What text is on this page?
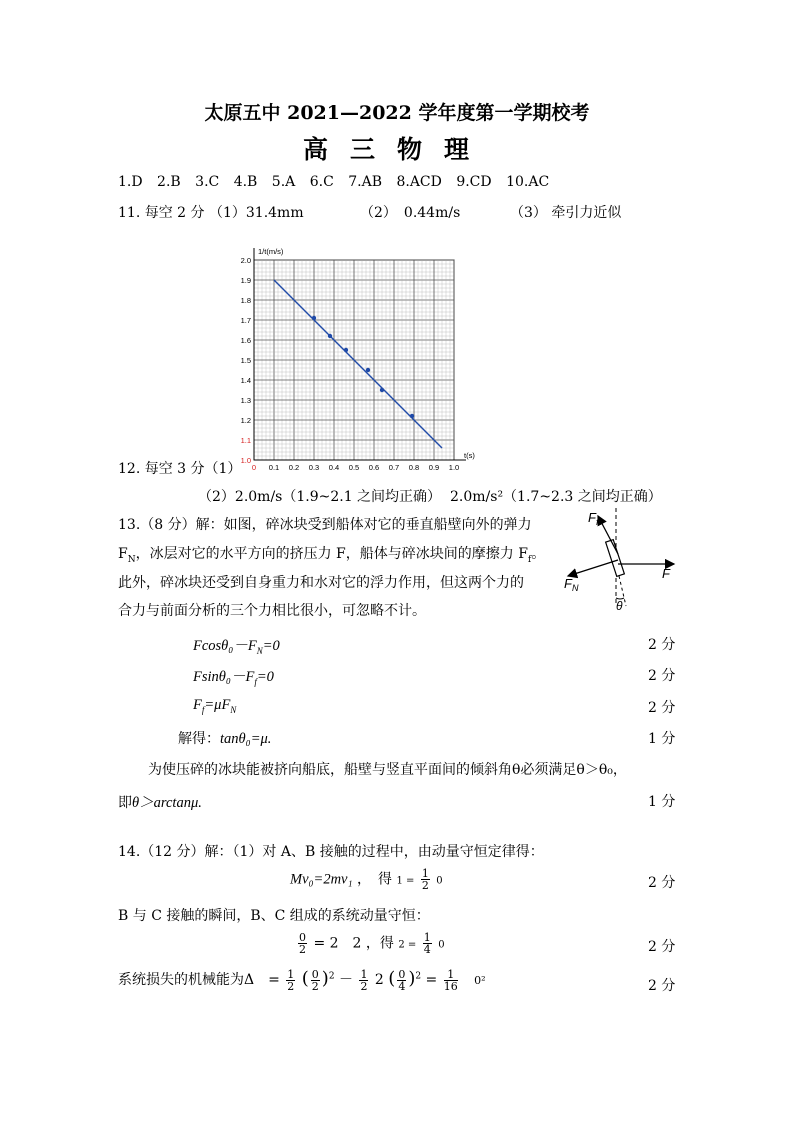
太原五中 2021—2022 学年度第一学期校考
高三物理
1.D 2.B 3.C 4.B 5.A 6.C 7.AB 8.ACD 9.CD 10.AC
11. 每空 2 分 （1）31.4mm	（2）　0.44m/s	（3） 牵引力近似
0 0.1 0.2 0.3 0.4 0.5 0.6 0.7 0.8 0.9 1.0
1.0
1.1
1.2
1.3
1.4
1.5
1.6
1.7
1.8
1.9
2.0
1/t(m/s)
t(s)
12. 每空 3 分（1）
（2）2.0m/s（1.9~2.1 之间均正确） 2.0m/s²（1.7~2.3 之间均正确）
13.（8 分）解：如图，碎冰块受到船体对它的垂直船壁向外的弹力
$F_N$，冰层对它的水平方向的挤压力 F，船体与碎冰块间的摩擦力 $F_f$。
此外，碎冰块还受到自身重力和水对它的浮力作用，但这两个力的
合力与前面分析的三个力相比很小，可忽略不计。
$F_f$
F
$F_N$
θ
$Fcos\theta_0-F_N=0$	2 分
$Fsin\theta_0-F_f=0$	2 分
$F_f=\mu F_N$	2 分
解得：tanθ₀=μ.	1 分
为使压碎的冰块能被挤向船底，船壁与竖直平面间的倾斜角θ必须满足θ＞θ₀，
即θ＞arctanμ.	1 分
14.（12 分）解：（1）对 A、B 接触的过程中，由动量守恒定律得：
Mv₀=2mv₁ ，　得 $1 = \frac{1}{2} 0$	2 分
B 与 C 接触的瞬间，B、C 组成的系统动量守恒：
$\frac{0}{2} = 2$　2 ，得 $2 = \frac{1}{4} 0$	2 分
系统损失的机械能为Δ　= $\frac{1}{2}$ ( $\frac{0}{2} )^2 - \frac{1}{2} 2$ ( $\frac{0}{4} )^2 = \frac{1}{16} 0^2$	2 分
